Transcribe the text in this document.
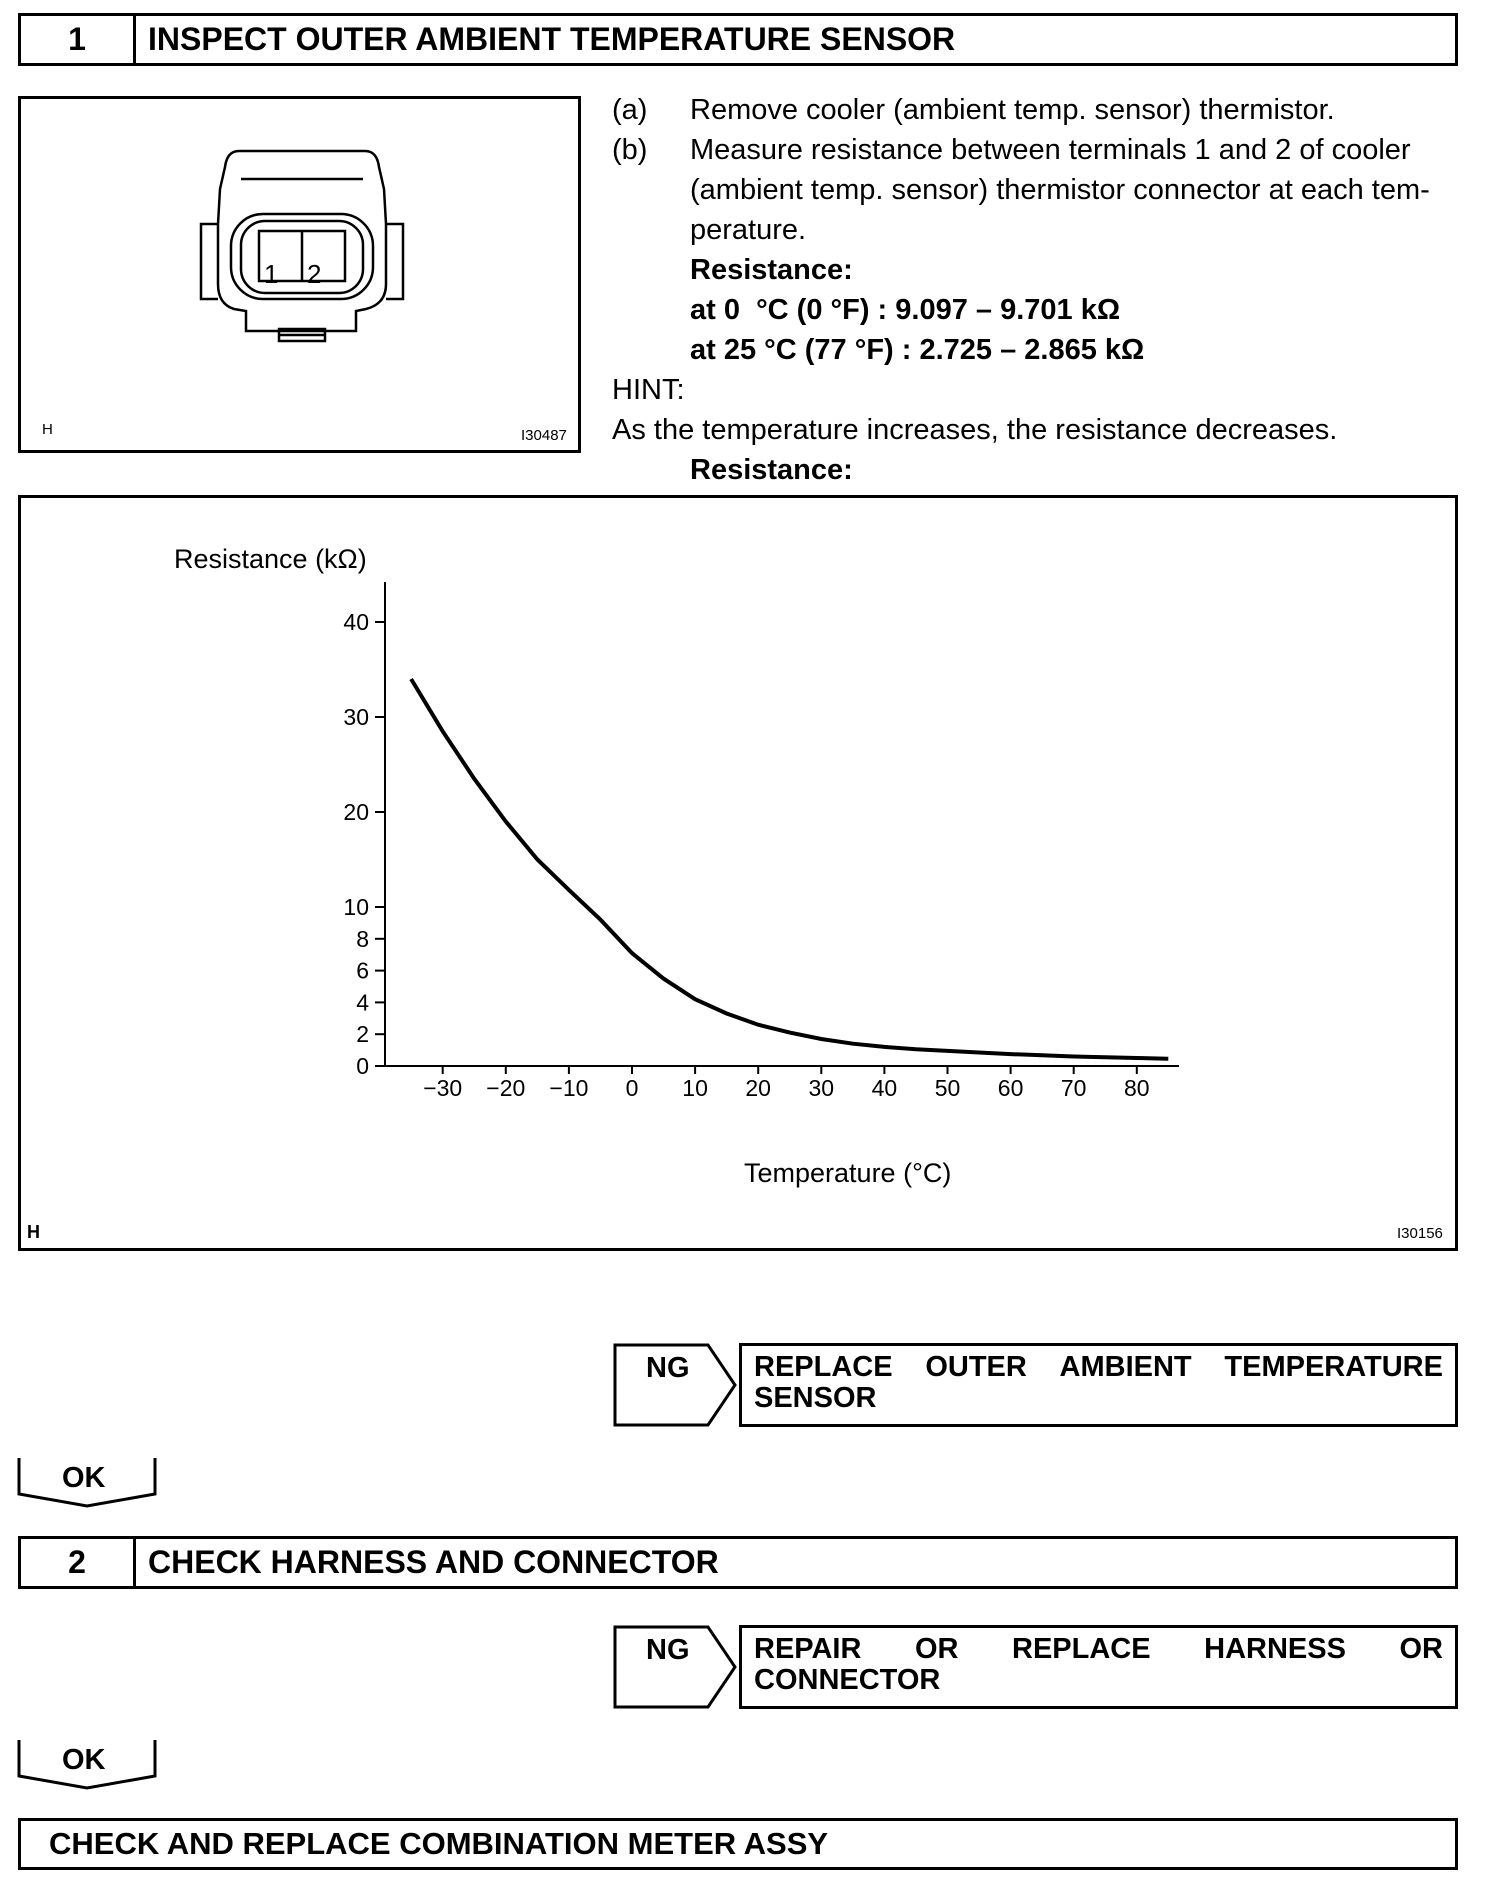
1	INSPECT OUTER AMBIENT TEMPERATURE SENSOR
1 2
H	I30487
(a)	Remove cooler (ambient temp. sensor) thermistor.
(b)	Measure resistance between terminals 1 and 2 of cooler
(ambient temp. sensor) thermistor connector at each tem-
perature.
Resistance:
at 0  °C (0 °F) : 9.097 – 9.701 kΩ
at 25 °C (77 °F) : 2.725 – 2.865 kΩ
HINT:
As the temperature increases, the resistance decreases.
Resistance:
0
2
4
6
8
10
20
30
40
−30 −20 −10 0 10 20 30 40 50 60 70 80
Resistance (kΩ)
Temperature (°C)
H	I30156
NG REPLACE OUTER AMBIENT TEMPERATURE
SENSOR
OK
2	CHECK HARNESS AND CONNECTOR
NG REPAIR OR REPLACE HARNESS OR
CONNECTOR
OK
CHECK AND REPLACE COMBINATION METER ASSY
